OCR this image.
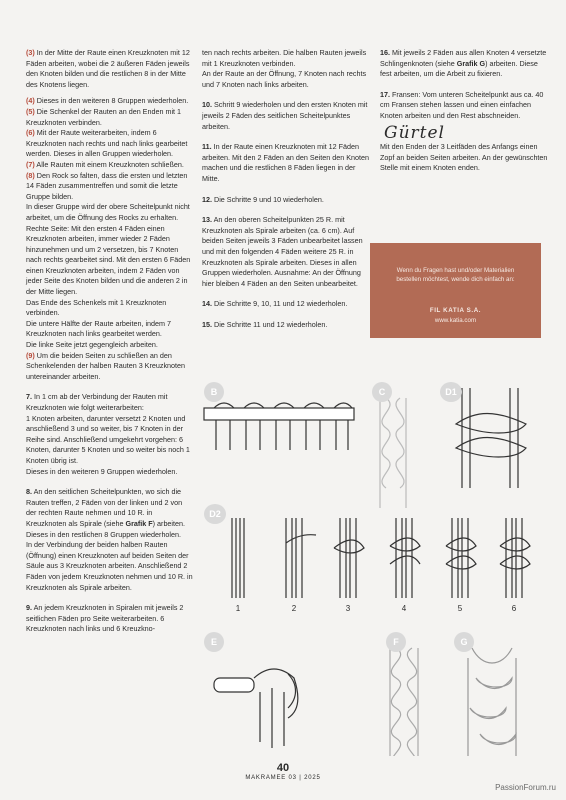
(3) In der Mitte der Raute einen Kreuzknoten mit 12 Fäden arbeiten, wobei die 2 äußeren Fäden jeweils den Knoten bilden und die restlichen 8 in der Mitte des Knotens liegen.

(4) Dieses in den weiteren 8 Gruppen wiederholen.

(5) Die Schenkel der Rauten an den Enden mit 1 Kreuzknoten verbinden.

(6) Mit der Raute weiterarbeiten, indem 6 Kreuzknoten nach rechts und nach links gearbeitet werden. Dieses in allen Gruppen wiederholen.

(7) Alle Rauten mit einem Kreuzknoten schließen.

(8) Den Rock so falten, dass die ersten und letzten 14 Fäden zusammentreffen und somit die letzte Gruppe bilden.

In dieser Gruppe wird der obere Scheitelpunkt nicht arbeitet, um die Öffnung des Rocks zu erhalten.

Rechte Seite: Mit den ersten 4 Fäden einen Kreuzknoten arbeiten, immer wieder 2 Fäden hinzunehmen und um 2 versetzen, bis 7 Knoten nach rechts gearbeitet sind. Mit den ersten 6 Fäden einen Kreuzknoten arbeiten, indem 2 Fäden von jeder Seite des Knoten bilden und die anderen 2 in der Mitte liegen.

Das Ende des Schenkels mit 1 Kreuzknoten verbinden.

Die untere Hälfte der Raute arbeiten, indem 7 Kreuzknoten nach links gearbeitet werden.

Die linke Seite jetzt gegengleich arbeiten.

(9) Um die beiden Seiten zu schließen an den Schenkelenden der halben Rauten 3 Kreuzknoten untereinander arbeiten.

7. In 1 cm ab der Verbindung der Rauten mit Kreuzknoten wie folgt weiterarbeiten:

1 Knoten arbeiten, darunter versetzt 2 Knoten und anschließend 3 und so weiter, bis 7 Knoten in der Reihe sind. Anschließend umgekehrt vorgehen: 6 Knoten, darunter 5 Knoten und so weiter bis noch 1 Knoten übrig ist.

Dieses in den weiteren 9 Gruppen wiederholen.

8. An den seitlichen Scheitelpunkten, wo sich die Rauten treffen, 2 Fäden von der linken und 2 von der rechten Raute nehmen und 10 R. in Kreuzknoten als Spirale (siehe Grafik F) arbeiten. Dieses in den restlichen 8 Gruppen wiederholen.

In der Verbindung der beiden halben Rauten (Öffnung) einen Kreuzknoten auf beiden Seiten der Säule aus 3 Kreuzknoten arbeiten. Anschließend 2 Fäden von jedem Kreuzknoten nehmen und 10 R. in Kreuzknoten als Spirale arbeiten.

9. An jedem Kreuzknoten in Spiralen mit jeweils 2 seitlichen Fäden pro Seite weiterarbeiten. 6 Kreuzknoten nach links und 6 Kreuzkno-

ten nach rechts arbeiten. Die halben Rauten jeweils mit 1 Kreuzknoten verbinden.

An der Raute an der Öffnung, 7 Knoten nach rechts und 7 Knoten nach links arbeiten.

10. Schritt 9 wiederholen und den ersten Knoten mit jeweils 2 Fäden des seitlichen Scheitelpunktes arbeiten.

11. In der Raute einen Kreuzknoten mit 12 Fäden arbeiten. Mit den 2 Fäden an den Seiten den Knoten machen und die restlichen 8 Fäden liegen in der Mitte.

12. Die Schritte 9 und 10 wiederholen.

13. An den oberen Scheitelpunkten 25 R. mit Kreuzknoten als Spirale arbeiten (ca. 6 cm). Auf beiden Seiten jeweils 3 Fäden unbearbeitet lassen und mit den folgenden 4 Fäden weitere 25 R. in Kreuzknoten als Spirale arbeiten. Dieses in allen Gruppen wiederholen. Ausnahme: An der Öffnung hier bleiben 4 Fäden an den Seiten unbearbeitet.

14. Die Schritte 9, 10, 11 und 12 wiederholen.

15. Die Schritte 11 und 12 wiederholen.

16. Mit jeweils 2 Fäden aus allen Knoten 4 versetzte Schlingenknoten (siehe Grafik G) arbeiten. Diese fest arbeiten, um die Arbeit zu fixieren.

17. Fransen: Vom unteren Scheitelpunkt aus ca. 40 cm Fransen stehen lassen und einen einfachen Knoten arbeiten und den Rest abschneiden.

Gürtel

Mit den Enden der 3 Leitfäden des Anfangs einen Zopf an beiden Seiten arbeiten. An der gewünschten Stelle mit einem Knoten enden.

Wenn du Fragen hast und/oder Materialien bestellen möchtest, wende dich einfach an:
FIL KATIA S.A.
www.katia.com
B	C	D1
D2
E	F	G
1	2	3	4	5	6
40
MAKRAMEE 03 | 2025
PassionForum.ru
